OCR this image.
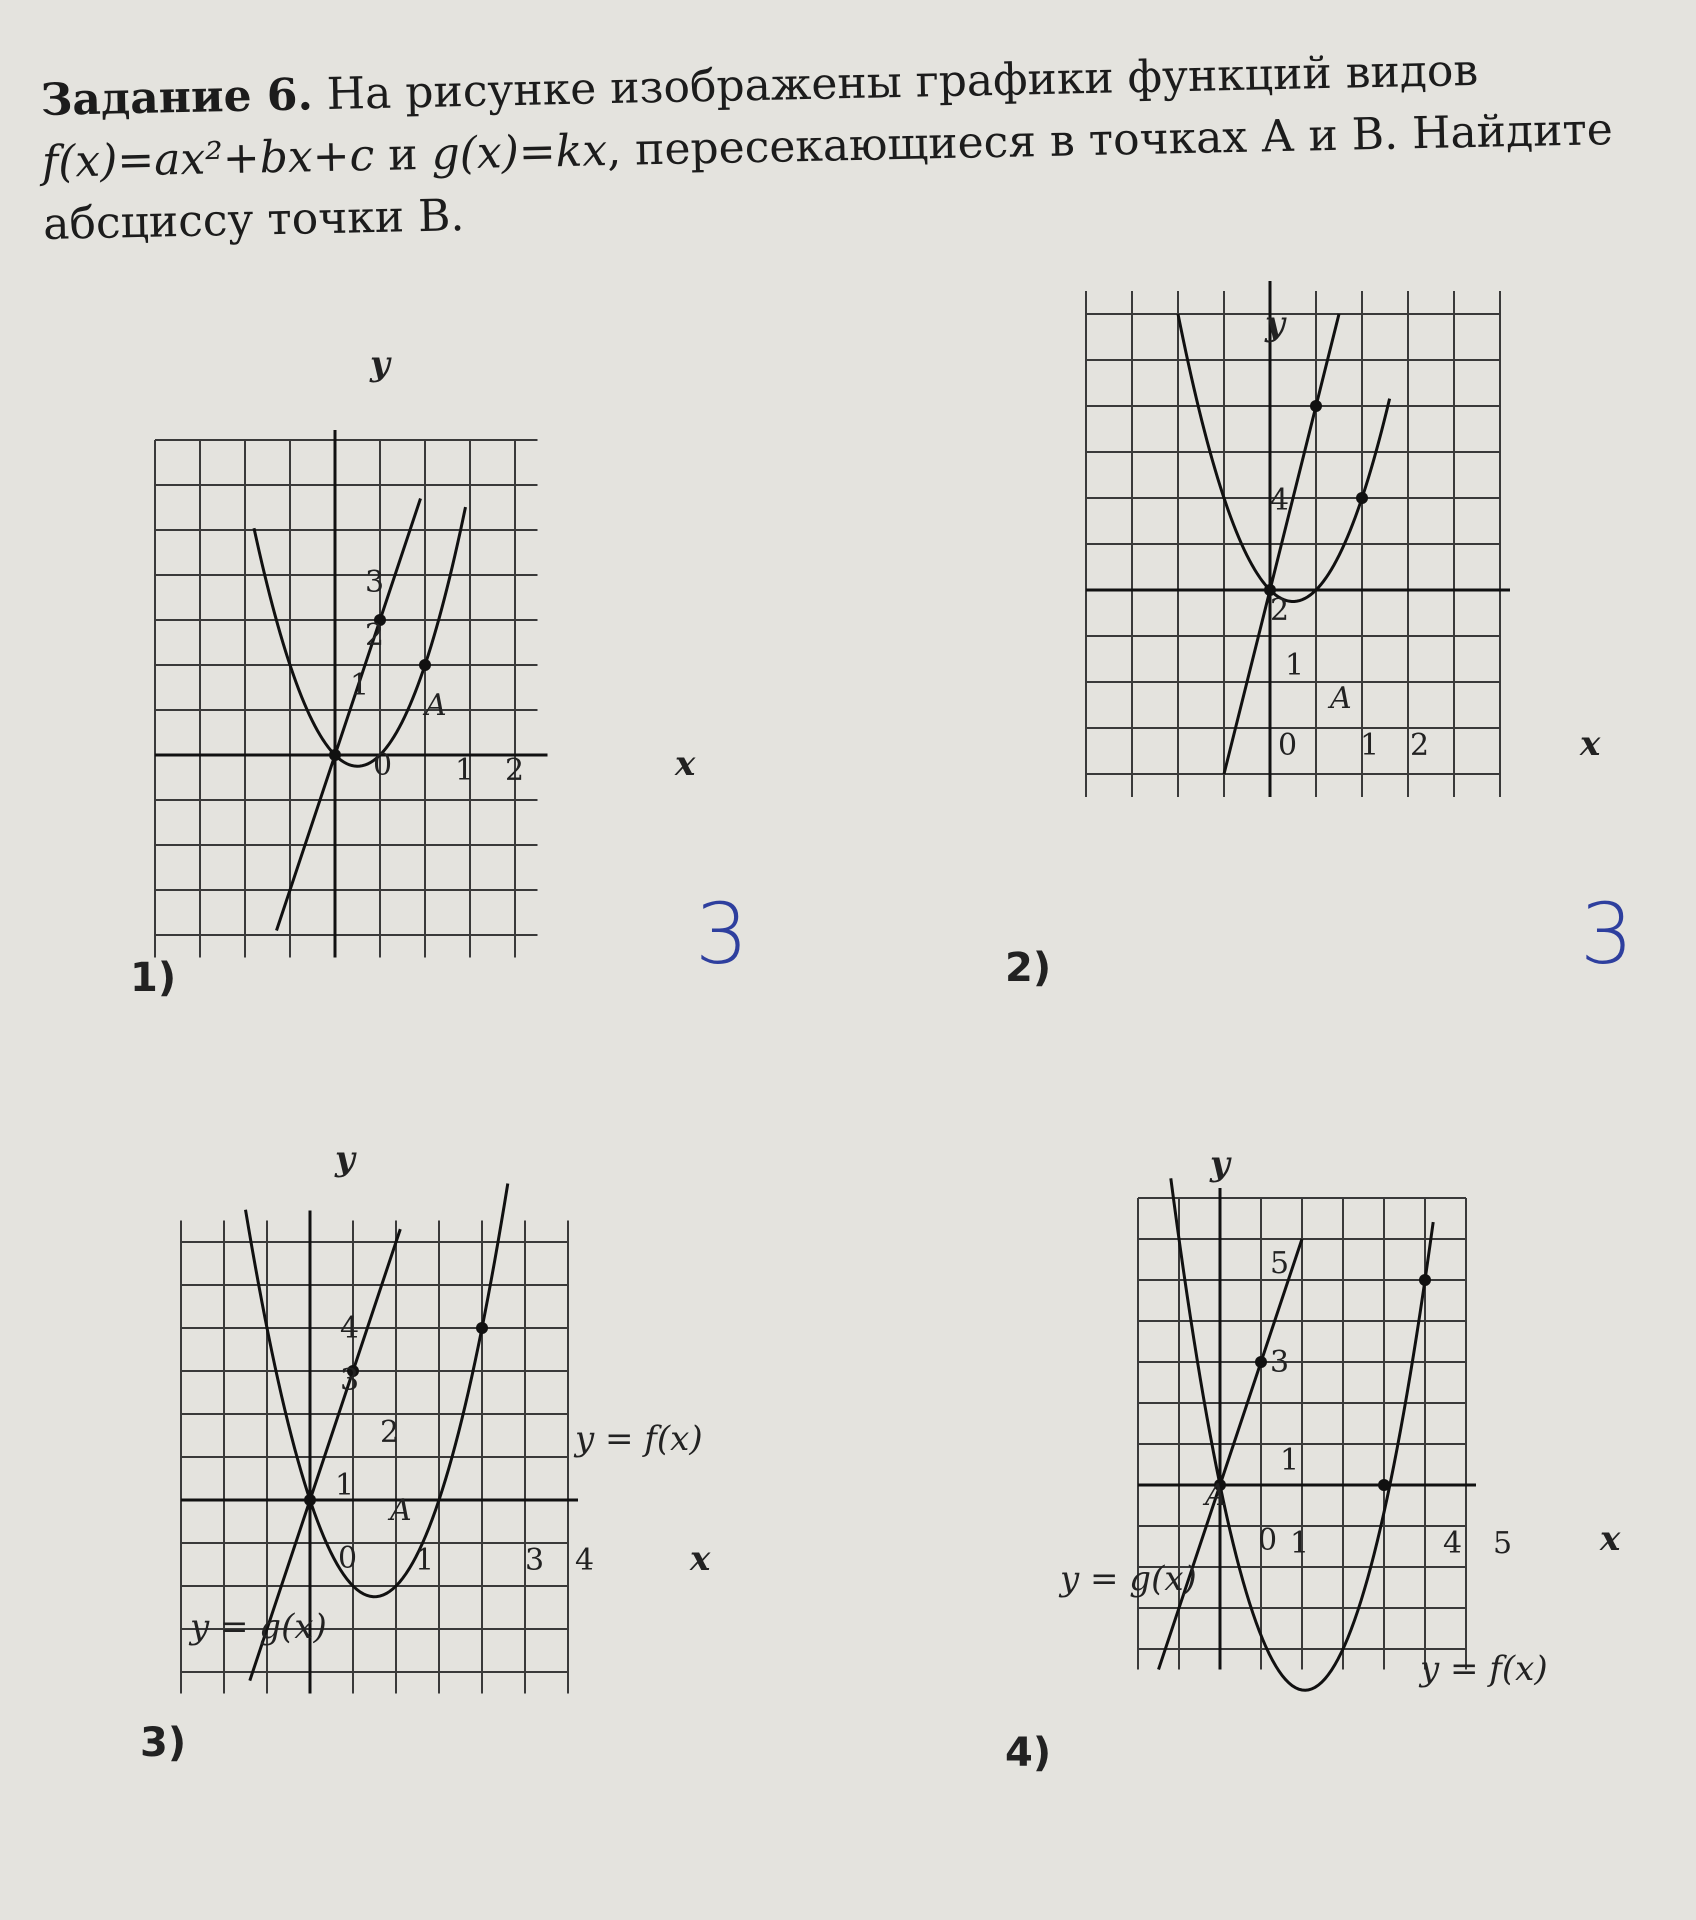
Задание 6. На рисунке изображены графики функций видов
f(x)=ax²+bx+c и g(x)=kx, пересекающиеся в точках А и В. Найдите
абсциссу точки В.
1)	3
y
x
0
A
1 2
1
2
3
2)	3
y
x
0
A
1 2
1
2
4
3)
y
x
0
A
1	3 4
1
2
3
4
y = f(x)
y = g(x)
4)
y
x
0
A
1	4 5
1
3
5
y = f(x)
y = g(x)
